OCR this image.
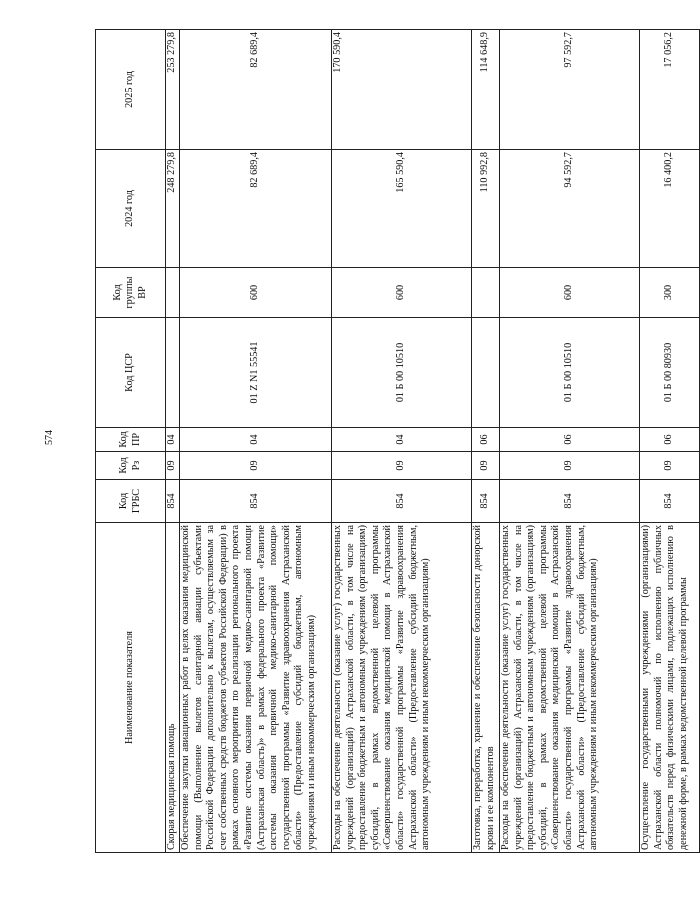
574
Наименование показателя	Код ГРБС	Код Рз	Код ПР	Код ЦСР	Код группы ВР	2024 год	2025 год
Скорая медицинская помощь	854	09	04			248 279,8	253 279,8
Обеспечение закупки авиационных работ в целях оказания медицинской помощи (Выполнение вылетов санитарной авиации субъектами Российской Федерации дополнительно к вылетам, осуществляемым за счет собственных средств бюджетов субъектов Российской Федерации) в рамках основного мероприятия по реализации регионального проекта «Развитие системы оказания первичной медико-санитарной помощи (Астраханская область)» в рамках федерального проекта «Развитие системы оказания первичной медико-санитарной помощи» государственной программы «Развитие здравоохранения Астраханской области» (Предоставление субсидий бюджетным, автономным учреждениям и иным некоммерческим организациям)	854	09	04	01 Z N1 55541	600	82 689,4	82 689,4
Расходы на обеспечение деятельности (оказание услуг) государственных учреждений (организаций) Астраханской области, в том числе на предоставление бюджетным и автономным учреждениям (организациям) субсидий, в рамках ведомственной целевой программы «Совершенствование оказания медицинской помощи в Астраханской области» государственной программы «Развитие здравоохранения Астраханской области» (Предоставление субсидий бюджетным, автономным учреждениям и иным некоммерческим организациям)	854	09	04	01 Б 00 10510	600	165 590,4	170 590,4
Заготовка, переработка, хранение и обеспечение безопасности донорской крови и ее компонентов	854	09	06			110 992,8	114 648,9
Расходы на обеспечение деятельности (оказание услуг) государственных учреждений (организаций) Астраханской области, в том числе на предоставление бюджетным и автономным учреждениям (организациям) субсидий, в рамках ведомственной целевой программы «Совершенствование оказания медицинской помощи в Астраханской области» государственной программы «Развитие здравоохранения Астраханской области» (Предоставление субсидий бюджетным, автономным учреждениям и иным некоммерческим организациям)	854	09	06	01 Б 00 10510	600	94 592,7	97 592,7
Осуществление государственными учреждениями (организациями) Астраханской области полномочий по исполнению публичных обязательств перед физическими лицами, подлежащих исполнению в денежной форме, в рамках ведомственной целевой программы	854	09	06	01 Б 00 80930	300	16 400,2	17 056,2
